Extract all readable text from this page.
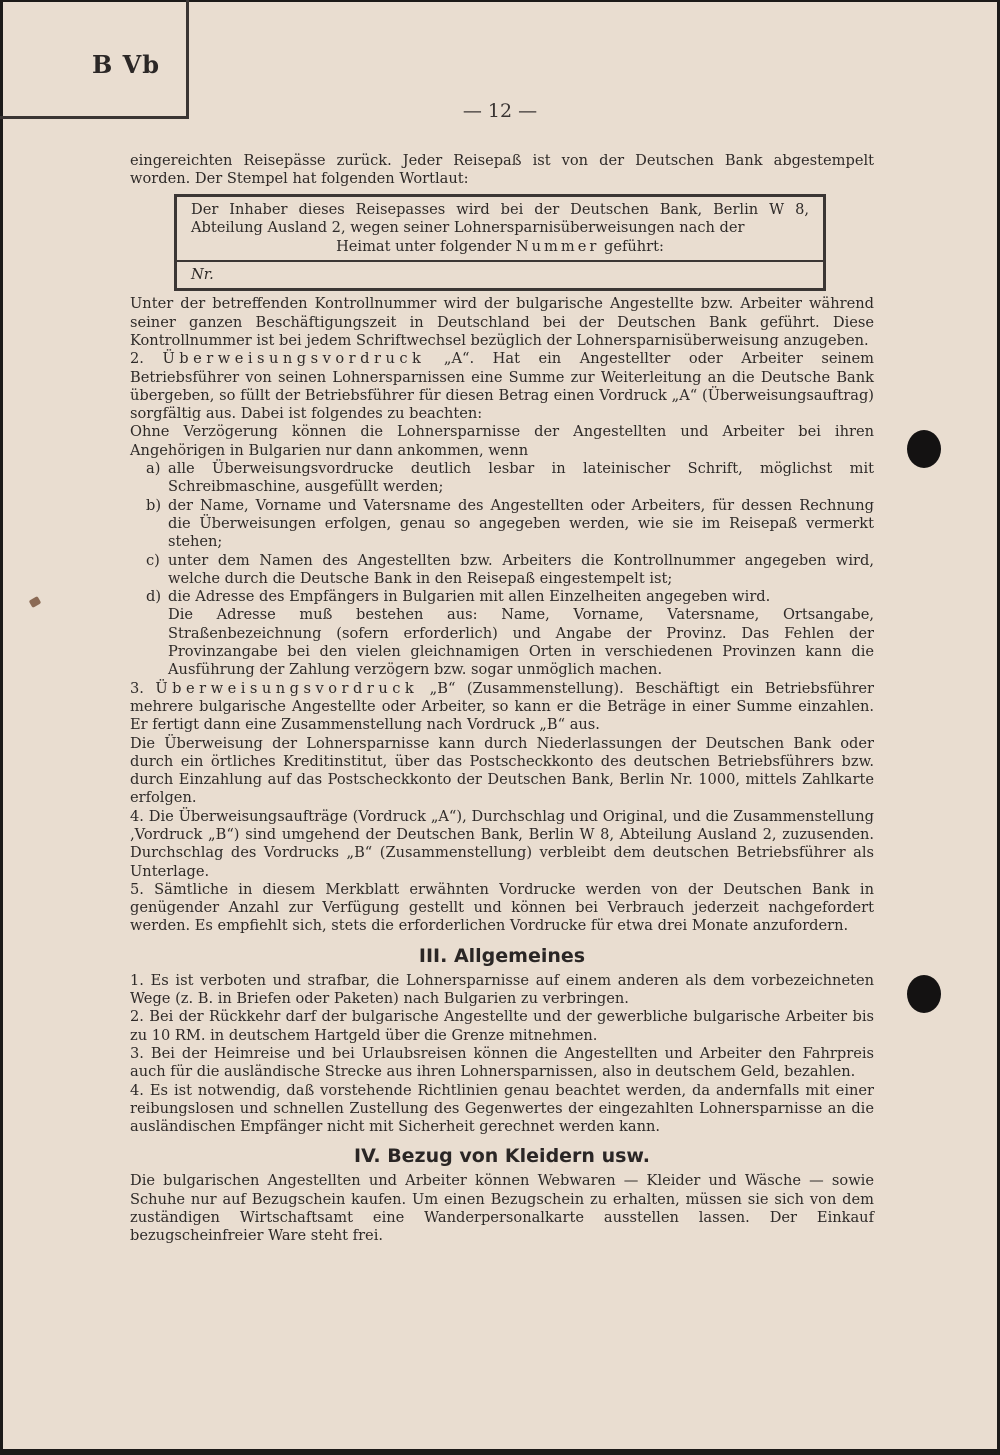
B Vb
— 12 —

eingereichten Reisepässe zurück. Jeder Reisepaß ist von der Deutschen Bank abgestempelt worden. Der Stempel hat folgenden Wortlaut:

Der Inhaber dieses Reisepasses wird bei der Deutschen Bank, Berlin W 8, Abteilung Ausland 2, wegen seiner Lohnersparnisüberweisungen nach der
Heimat unter folgender Nummer geführt:
Nr.

Unter der betreffenden Kontrollnummer wird der bulgarische Angestellte bzw. Arbeiter während seiner ganzen Beschäftigungszeit in Deutschland bei der Deutschen Bank geführt. Diese Kontrollnummer ist bei jedem Schriftwechsel bezüglich der Lohnersparnisüberweisung anzugeben.

2. Überweisungsvordruck „A“. Hat ein Angestellter oder Arbeiter seinem Betriebsführer von seinen Lohnersparnissen eine Summe zur Weiterleitung an die Deutsche Bank übergeben, so füllt der Betriebsführer für diesen Betrag einen Vordruck „A“ (Überweisungsauftrag) sorgfältig aus. Dabei ist folgendes zu beachten:

Ohne Verzögerung können die Lohnersparnisse der Angestellten und Arbeiter bei ihren Angehörigen in Bulgarien nur dann ankommen, wenn

a) alle Überweisungsvordrucke deutlich lesbar in lateinischer Schrift, möglichst mit Schreibmaschine, ausgefüllt werden;
b) der Name, Vorname und Vatersname des Angestellten oder Arbeiters, für dessen Rechnung die Überweisungen erfolgen, genau so angegeben werden, wie sie im Reisepaß vermerkt stehen;
c) unter dem Namen des Angestellten bzw. Arbeiters die Kontrollnummer angegeben wird, welche durch die Deutsche Bank in den Reisepaß eingestempelt ist;
d) die Adresse des Empfängers in Bulgarien mit allen Einzelheiten angegeben wird.

Die Adresse muß bestehen aus: Name, Vorname, Vatersname, Ortsangabe, Straßenbezeichnung (sofern erforderlich) und Angabe der Provinz. Das Fehlen der Provinzangabe bei den vielen gleichnamigen Orten in verschiedenen Provinzen kann die Ausführung der Zahlung verzögern bzw. sogar unmöglich machen.

3. Überweisungsvordruck „B“ (Zusammenstellung). Beschäftigt ein Betriebsführer mehrere bulgarische Angestellte oder Arbeiter, so kann er die Beträge in einer Summe einzahlen. Er fertigt dann eine Zusammenstellung nach Vordruck „B“ aus.

Die Überweisung der Lohnersparnisse kann durch Niederlassungen der Deutschen Bank oder durch ein örtliches Kreditinstitut, über das Postscheckkonto des deutschen Betriebsführers bzw. durch Einzahlung auf das Postscheckkonto der Deutschen Bank, Berlin Nr. 1000, mittels Zahlkarte erfolgen.

4. Die Überweisungsaufträge (Vordruck „A“), Durchschlag und Original, und die Zusammenstellung ‚Vordruck „B“) sind umgehend der Deutschen Bank, Berlin W 8, Abteilung Ausland 2, zuzusenden. Durchschlag des Vordrucks „B“ (Zusammenstellung) verbleibt dem deutschen Betriebsführer als Unterlage.

5. Sämtliche in diesem Merkblatt erwähnten Vordrucke werden von der Deutschen Bank in genügender Anzahl zur Verfügung gestellt und können bei Verbrauch jederzeit nachgefordert werden. Es empfiehlt sich, stets die erforderlichen Vordrucke für etwa drei Monate anzufordern.

III. Allgemeines

1. Es ist verboten und strafbar, die Lohnersparnisse auf einem anderen als dem vorbezeichneten Wege (z. B. in Briefen oder Paketen) nach Bulgarien zu verbringen.

2. Bei der Rückkehr darf der bulgarische Angestellte und der gewerbliche bulgarische Arbeiter bis zu 10 RM. in deutschem Hartgeld über die Grenze mitnehmen.

3. Bei der Heimreise und bei Urlaubsreisen können die Angestellten und Arbeiter den Fahrpreis auch für die ausländische Strecke aus ihren Lohnersparnissen, also in deutschem Geld, bezahlen.

4. Es ist notwendig, daß vorstehende Richtlinien genau beachtet werden, da andernfalls mit einer reibungslosen und schnellen Zustellung des Gegenwertes der eingezahlten Lohnersparnisse an die ausländischen Empfänger nicht mit Sicherheit gerechnet werden kann.

IV. Bezug von Kleidern usw.

Die bulgarischen Angestellten und Arbeiter können Webwaren — Kleider und Wäsche — sowie Schuhe nur auf Bezugschein kaufen. Um einen Bezugschein zu erhalten, müssen sie sich von dem zuständigen Wirtschaftsamt eine Wanderpersonalkarte ausstellen lassen. Der Einkauf bezugscheinfreier Ware steht frei.
